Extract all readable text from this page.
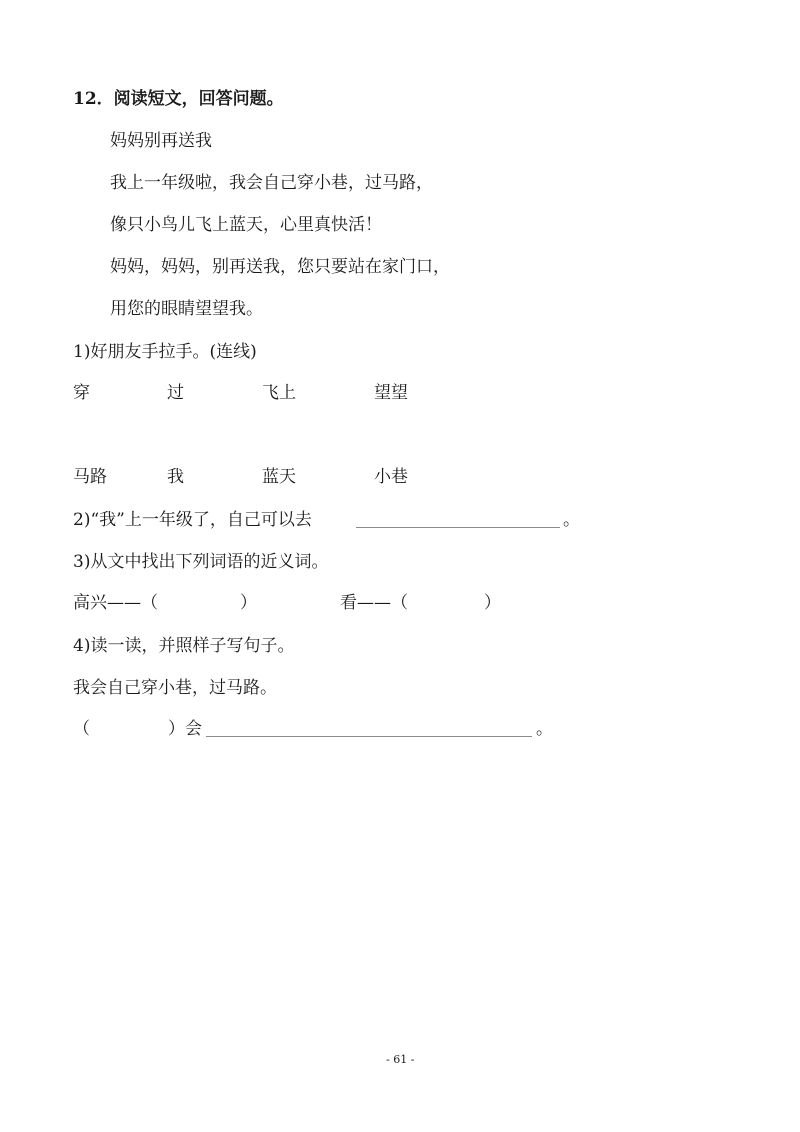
12．阅读短文，回答问题。
妈妈别再送我
我上一年级啦，我会自己穿小巷，过马路，
像只小鸟儿飞上蓝天，心里真快活！
妈妈，妈妈，别再送我，您只要站在家门口，
用您的眼睛望望我。
1)好朋友手拉手。(连线)
穿	过	飞上	望望
马路	我	蓝天	小巷
2)“我”上一年级了，自己可以去	。
3)从文中找出下列词语的近义词。
高兴——（	）	看——（	）
4)读一读，并照样子写句子。
我会自己穿小巷，过马路。
（	）会	。
- 61 -
